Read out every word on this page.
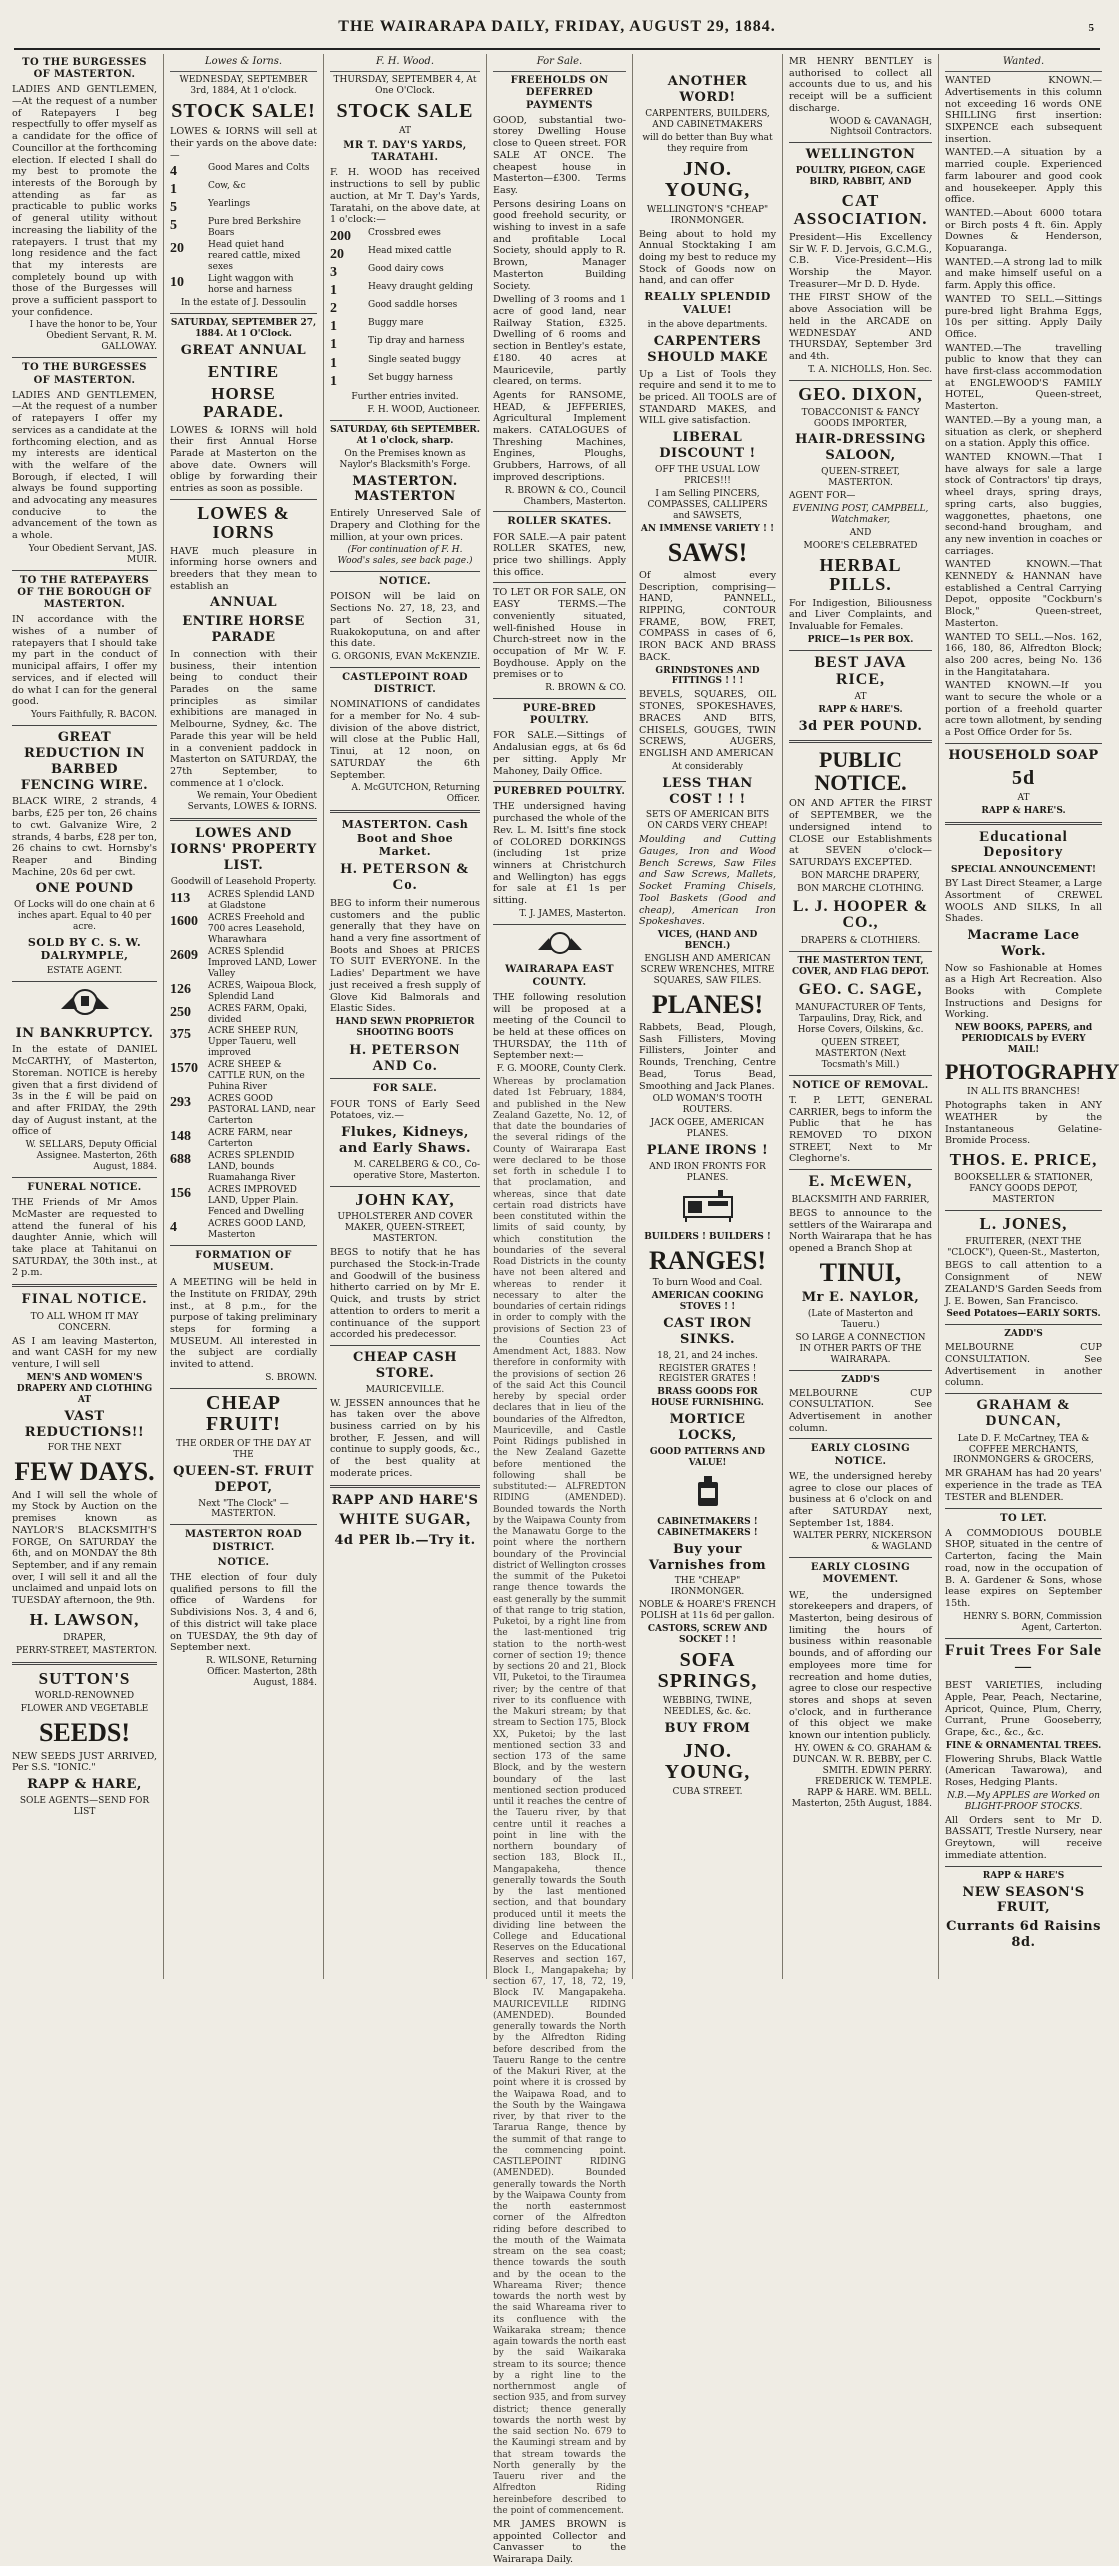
THE WAIRARAPA DAILY, FRIDAY, AUGUST 29, 1884.	5
TO THE BURGESSES OF MASTERTON.
LADIES AND GENTLEMEN,—At the request of a number of Ratepayers I beg respectfully to offer myself as a candidate for the office of Councillor at the forthcoming election. If elected I shall do my best to promote the interests of the Borough by attending as far as practicable to public works of general utility without increasing the liability of the ratepayers. I trust that my long residence and the fact that my interests are completely bound up with those of the Burgesses will prove a sufficient passport to your confidence.
I have the honor to be, Your Obedient Servant, R. M. GALLOWAY.
TO THE BURGESSES OF MASTERTON.
LADIES AND GENTLEMEN,—At the request of a number of ratepayers I offer my services as a candidate at the forthcoming election, and as my interests are identical with the welfare of the Borough, if elected, I will always be found supporting and advocating any measures conducive to the advancement of the town as a whole.
Your Obedient Servant, JAS. MUIR.
TO THE RATEPAYERS OF THE BOROUGH OF MASTERTON.
IN accordance with the wishes of a number of ratepayers that I should take my part in the conduct of municipal affairs, I offer my services, and if elected will do what I can for the general good.
Yours Faithfully, R. BACON.
GREAT REDUCTION IN BARBED FENCING WIRE.
BLACK WIRE, 2 strands, 4 barbs, £25 per ton, 26 chains to cwt. Galvanize Wire, 2 strands, 4 barbs, £28 per ton, 26 chains to cwt. Hornsby's Reaper and Binding Machine, 20s 6d per cwt.
ONE POUND
Of Locks will do one chain at 6 inches apart. Equal to 40 per acre.
SOLD BY C. S. W. DALRYMPLE,
ESTATE AGENT.
IN BANKRUPTCY.
In the estate of DANIEL McCARTHY, of Masterton, Storeman. NOTICE is hereby given that a first dividend of 3s in the £ will be paid on and after FRIDAY, the 29th day of August instant, at the office of
W. SELLARS, Deputy Official Assignee. Masterton, 26th August, 1884.
FUNERAL NOTICE.
THE Friends of Mr Amos McMaster are requested to attend the funeral of his daughter Annie, which will take place at Tahitanui on SATURDAY, the 30th inst., at 2 p.m.
FINAL NOTICE.
TO ALL WHOM IT MAY CONCERN.
AS I am leaving Masterton, and want CASH for my new venture, I will sell
MEN'S AND WOMEN'S DRAPERY AND CLOTHING AT
VAST REDUCTIONS!!
FOR THE NEXT
FEW DAYS.
And I will sell the whole of my Stock by Auction on the premises known as NAYLOR'S BLACKSMITH'S FORGE, On SATURDAY the 6th, and on MONDAY the 8th September, and if any remain over, I will sell it and all the unclaimed and unpaid lots on TUESDAY afternoon, the 9th.
H. LAWSON,
DRAPER,
PERRY-STREET, MASTERTON.
SUTTON'S
WORLD-RENOWNED
FLOWER AND VEGETABLE
SEEDS!
NEW SEEDS JUST ARRIVED, Per S.S. "IONIC."
RAPP & HARE,
SOLE AGENTS—SEND FOR LIST
Lowes & Iorns.
WEDNESDAY, SEPTEMBER 3rd, 1884, At 1 o'clock.
STOCK SALE!
LOWES & IORNS will sell at their yards on the above date:—
4	Good Mares and Colts
1	Cow, &c
5	Yearlings
5	Pure bred Berkshire Boars
20	Head quiet hand reared cattle, mixed sexes
10	Light waggon with horse and harness
In the estate of J. Dessoulin
SATURDAY, SEPTEMBER 27, 1884. At 1 O'Clock.
GREAT ANNUAL
ENTIRE
HORSE PARADE.
LOWES & IORNS will hold their first Annual Horse Parade at Masterton on the above date. Owners will oblige by forwarding their entries as soon as possible.
LOWES & IORNS
HAVE much pleasure in informing horse owners and breeders that they mean to establish an
ANNUAL
ENTIRE HORSE PARADE
In connection with their business, their intention being to conduct their Parades on the same principles as similar exhibitions are managed in Melbourne, Sydney, &c. The Parade this year will be held in a convenient paddock in Masterton on SATURDAY, the 27th September, to commence at 1 o'clock.
We remain, Your Obedient Servants, LOWES & IORNS.
LOWES AND IORNS' PROPERTY LIST.
Goodwill of Leasehold Property.
113	ACRES Splendid LAND at Gladstone
1600	ACRES Freehold and 700 acres Leasehold, Wharawhara
2609	ACRES Splendid Improved LAND, Lower Valley
126	ACRES, Waipoua Block, Splendid Land
250	ACRES FARM, Opaki, divided
375	ACRE SHEEP RUN, Upper Taueru, well improved
1570	ACRE SHEEP & CATTLE RUN, on the Puhina River
293	ACRES GOOD PASTORAL LAND, near Carterton
148	ACRE FARM, near Carterton
688	ACRES SPLENDID LAND, bounds Ruamahanga River
156	ACRES IMPROVED LAND, Upper Plain. Fenced and Dwelling
4	ACRES GOOD LAND, Masterton
FORMATION OF MUSEUM.
A MEETING will be held in the Institute on FRIDAY, 29th inst., at 8 p.m., for the purpose of taking preliminary steps for forming a MUSEUM. All interested in the subject are cordially invited to attend.
S. BROWN.
CHEAP FRUIT!
THE ORDER OF THE DAY AT THE
QUEEN-ST. FRUIT DEPOT,
Next "The Clock" — MASTERTON.
MASTERTON ROAD DISTRICT.
NOTICE.
THE election of four duly qualified persons to fill the office of Wardens for Subdivisions Nos. 3, 4 and 6, of this district will take place on TUESDAY, the 9th day of September next.
R. WILSONE, Returning Officer. Masterton, 28th August, 1884.
F. H. Wood.
THURSDAY, SEPTEMBER 4, At One O'Clock.
STOCK SALE
AT
MR T. DAY'S YARDS, TARATAHI.
F. H. WOOD has received instructions to sell by public auction, at Mr T. Day's Yards, Taratahi, on the above date, at 1 o'clock:—
200	Crossbred ewes
20	Head mixed cattle
3	Good dairy cows
1	Heavy draught gelding
2	Good saddle horses
1	Buggy mare
1	Tip dray and harness
1	Single seated buggy
1	Set buggy harness
Further entries invited.
F. H. WOOD, Auctioneer.
SATURDAY, 6th SEPTEMBER. At 1 o'clock, sharp.
On the Premises known as Naylor's Blacksmith's Forge.
MASTERTON. MASTERTON
Entirely Unreserved Sale of Drapery and Clothing for the million, at your own prices.
(For continuation of F. H. Wood's sales, see back page.)
NOTICE.
POISON will be laid on Sections No. 27, 18, 23, and part of Section 31, Ruakokoputuna, on and after this date.
G. ORGONIS, EVAN McKENZIE.
CASTLEPOINT ROAD DISTRICT.
NOMINATIONS of candidates for a member for No. 4 sub-division of the above district, will close at the Public Hall, Tinui, at 12 noon, on SATURDAY the 6th September.
A. McGUTCHON, Returning Officer.
MASTERTON. Cash Boot and Shoe Market.
H. PETERSON & Co.
BEG to inform their numerous customers and the public generally that they have on hand a very fine assortment of Boots and Shoes at PRICES TO SUIT EVERYONE. In the Ladies' Department we have just received a fresh supply of Glove Kid Balmorals and Elastic Sides.
HAND SEWN PROPRIETOR SHOOTING BOOTS
H. PETERSON AND Co.
FOR SALE.
FOUR TONS of Early Seed Potatoes, viz.—
Flukes, Kidneys, and Early Shaws.
M. CARELBERG & CO., Co-operative Store, Masterton.
JOHN KAY,
UPHOLSTERER AND COVER MAKER, QUEEN-STREET, MASTERTON.
BEGS to notify that he has purchased the Stock-in-Trade and Goodwill of the business hitherto carried on by Mr E. Quick, and trusts by strict attention to orders to merit a continuance of the support accorded his predecessor.
CHEAP CASH STORE.
MAURICEVILLE.
W. JESSEN announces that he has taken over the above business carried on by his brother, F. Jessen, and will continue to supply goods, &c., of the best quality at moderate prices.
RAPP AND HARE'S
WHITE SUGAR,
4d PER lb.—Try it.
For Sale.
FREEHOLDS ON DEFERRED PAYMENTS
GOOD, substantial two-storey Dwelling House close to Queen street. FOR SALE AT ONCE. The cheapest house in Masterton—£300. Terms Easy.
Persons desiring Loans on good freehold security, or wishing to invest in a safe and profitable Local Society, should apply to R. Brown, Manager Masterton Building Society.
Dwelling of 3 rooms and 1 acre of good land, near Railway Station, £325. Dwelling of 6 rooms and section in Bentley's estate, £180. 40 acres at Mauricevile, partly cleared, on terms.
Agents for RANSOME, HEAD, & JEFFERIES, Agricultural Implement makers. CATALOGUES of Threshing Machines, Engines, Ploughs, Grubbers, Harrows, of all improved descriptions.
R. BROWN & CO., Council Chambers, Masterton.
ROLLER SKATES.
FOR SALE.—A pair patent ROLLER SKATES, new, price two shillings. Apply this office.
TO LET OR FOR SALE, ON EASY TERMS.—The conveniently situated, well-finished House in Church-street now in the occupation of Mr W. F. Boydhouse. Apply on the premises or to
R. BROWN & CO.
PURE-BRED POULTRY.
FOR SALE.—Sittings of Andalusian eggs, at 6s 6d per sitting. Apply Mr Mahoney, Daily Office.
PUREBRED POULTRY.
THE undersigned having purchased the whole of the Rev. L. M. Isitt's fine stock of COLORED DORKINGS (including 1st prize winners at Christchurch and Wellington) has eggs for sale at £1 1s per sitting.
T. J. JAMES, Masterton.
WAIRARAPA EAST COUNTY.
THE following resolution will be proposed at a meeting of the Council to be held at these offices on THURSDAY, the 11th of September next:—
F. G. MOORE, County Clerk.
Whereas by proclamation dated 1st February, 1884, and published in the New Zealand Gazette, No. 12, of that date the boundaries of the several ridings of the County of Wairarapa East were declared to be those set forth in schedule I to that proclamation, and whereas, since that date certain road districts have been constituted within the limits of said county, by which constitution the boundaries of the several Road Districts in the county have not been altered and whereas to render it necessary to alter the boundaries of certain ridings in order to comply with the provisions of Section 23 of the Counties Act Amendment Act, 1883. Now therefore in conformity with the provisions of section 26 of the said Act this Council hereby by special order declares that in lieu of the boundaries of the Alfredton, Mauriceville, and Castle Point Ridings published in the New Zealand Gazette before mentioned the following shall be substituted:— ALFREDTON RIDING (AMENDED). Bounded towards the North by the Waipawa County from the Manawatu Gorge to the point where the northern boundary of the Provincial district of Wellington crosses the summit of the Puketoi range thence towards the east generally by the summit of that range to trig station, Puketoi, by a right line from the last-mentioned trig station to the north-west corner of section 19; thence by sections 20 and 21, Block VII, Puketoi, to the Tiraumea river; by the centre of that river to its confluence with the Makuri stream; by that stream to Section 175, Block XX, Puketoi; by the last mentioned section 33 and section 173 of the same Block, and by the western boundary of the last mentioned section produced until it reaches the centre of the Taueru river, by that centre until it reaches a point in line with the northern boundary of section 183, Block II., Mangapakeha, thence generally towards the South by the last mentioned section, and that boundary produced until it meets the dividing line between the College and Educational Reserves on the Educational Reserves and section 167, Block I., Mangapakeha; by section 67, 17, 18, 72, 19, Block IV. Mangapakeha. MAURICEVILLE RIDING (AMENDED). Bounded generally towards the North by the Alfredton Riding before described from the Taueru Range to the centre of the Makuri River, at the point where it is crossed by the Waipawa Road, and to the South by the Waingawa river, by that river to the Tararua Range, thence by the summit of that range to the commencing point. CASTLEPOINT RIDING (AMENDED). Bounded generally towards the North by the Waipawa County from the north easternmost corner of the Alfredton riding before described to the mouth of the Waimata stream on the sea coast; thence towards the south and by the ocean to the Whareama River; thence towards the north west by the said Whareama river to its confluence with the Waikaraka stream; thence again towards the north east by the said Waikaraka stream to its source; thence by a right line to the northernmost angle of section 935, and from survey district; thence generally towards the north west by the said section No. 679 to the Kaumingi stream and by that stream towards the North generally by the Taueru river and the Alfredton Riding hereinbefore described to the point of commencement.
MR JAMES BROWN is appointed Collector and Canvasser to the Wairarapa Daily.
ANOTHER WORD!
CARPENTERS, BUILDERS, AND CABINETMAKERS
will do better than Buy what they require from
JNO. YOUNG,
WELLINGTON'S "CHEAP" IRONMONGER.
Being about to hold my Annual Stocktaking I am doing my best to reduce my Stock of Goods now on hand, and can offer
REALLY SPLENDID VALUE!
in the above departments.
CARPENTERS SHOULD MAKE
Up a List of Tools they require and send it to me to be priced. All TOOLS are of STANDARD MAKES, and WILL give satisfaction.
LIBERAL DISCOUNT !
OFF THE USUAL LOW PRICES!!!
I am Selling PINCERS, COMPASSES, CALLIPERS and SAWSETS,
AN IMMENSE VARIETY ! !
SAWS!
Of almost every Description, comprising— HAND, PANNELL, RIPPING, CONTOUR FRAME, BOW, FRET, COMPASS in cases of 6, IRON BACK AND BRASS BACK.
GRINDSTONES AND FITTINGS ! ! !
BEVELS, SQUARES, OIL STONES, SPOKESHAVES, BRACES AND BITS, CHISELS, GOUGES, TWIN SCREWS, AUGERS, ENGLISH AND AMERICAN
At considerably
LESS THAN COST ! ! !
SETS OF AMERICAN BITS ON CARDS VERY CHEAP!
Moulding and Cutting Gauges, Iron and Wood Bench Screws, Saw Files and Saw Screws, Mallets, Socket Framing Chisels, Tool Baskets (Good and cheap), American Iron Spokeshaves.
VICES, (HAND AND BENCH.)
ENGLISH AND AMERICAN SCREW WRENCHES, MITRE SQUARES, SAW FILES.
PLANES!
Rabbets, Bead, Plough, Sash Fillisters, Moving Fillisters, Jointer and Rounds, Trenching, Centre Bead, Torus Bead, Smoothing and Jack Planes.
OLD WOMAN'S TOOTH ROUTERS.
JACK OGEE, AMERICAN PLANES.
PLANE IRONS !
AND IRON FRONTS FOR PLANES.
BUILDERS ! BUILDERS !
RANGES!
To burn Wood and Coal.
AMERICAN COOKING STOVES ! !
CAST IRON SINKS.
18, 21, and 24 inches.
REGISTER GRATES ! REGISTER GRATES !
BRASS GOODS FOR HOUSE FURNISHING.
MORTICE LOCKS,
GOOD PATTERNS AND VALUE!
CABINETMAKERS ! CABINETMAKERS !
Buy your Varnishes from
THE "CHEAP" IRONMONGER.
NOBLE & HOARE'S FRENCH POLISH at 11s 6d per gallon.
CASTORS, SCREW AND SOCKET ! !
SOFA SPRINGS,
WEBBING, TWINE, NEEDLES, &c. &c.
BUY FROM
JNO. YOUNG,
CUBA STREET.
MR HENRY BENTLEY is authorised to collect all accounts due to us, and his receipt will be a sufficient discharge.
WOOD & CAVANAGH, Nightsoil Contractors.
WELLINGTON
POULTRY, PIGEON, CAGE BIRD, RABBIT, AND
CAT ASSOCIATION.
President—His Excellency Sir W. F. D. Jervois, G.C.M.G., C.B. Vice-President—His Worship the Mayor. Treasurer—Mr D. D. Hyde.
THE FIRST SHOW of the above Association will be held in the ARCADE on WEDNESDAY AND THURSDAY, September 3rd and 4th.
T. A. NICHOLLS, Hon. Sec.
GEO. DIXON,
TOBACCONIST & FANCY GOODS IMPORTER,
HAIR-DRESSING SALOON,
QUEEN-STREET, MASTERTON.
AGENT FOR—
EVENING POST, CAMPBELL, Watchmaker,
AND
MOORE'S CELEBRATED
HERBAL PILLS.
For Indigestion, Biliousness and Liver Complaints, and Invaluable for Females.
PRICE—1s PER BOX.
BEST JAVA RICE,
AT
RAPP & HARE'S.
3d PER POUND.
PUBLIC NOTICE.
ON AND AFTER the FIRST of SEPTEMBER, we the undersigned intend to CLOSE our Establishments at SEVEN o'clock—SATURDAYS EXCEPTED.
BON MARCHE DRAPERY,
BON MARCHE CLOTHING.
L. J. HOOPER & CO.,
DRAPERS & CLOTHIERS.
THE MASTERTON TENT, COVER, AND FLAG DEPOT.
GEO. C. SAGE,
MANUFACTURER OF Tents, Tarpaulins, Dray, Rick, and Horse Covers, Oilskins, &c.
QUEEN STREET, MASTERTON (Next Tocsmath's Mill.)
NOTICE OF REMOVAL.
T. P. LETT, GENERAL CARRIER, begs to inform the Public that he has REMOVED TO DIXON STREET, Next to Mr Cleghorne's.
E. McEWEN,
BLACKSMITH AND FARRIER,
BEGS to announce to the settlers of the Wairarapa and North Wairarapa that he has opened a Branch Shop at
TINUI,
Mr E. NAYLOR,
(Late of Masterton and Taueru.)
SO LARGE A CONNECTION IN OTHER PARTS OF THE WAIRARAPA.
ZADD'S
MELBOURNE CUP CONSULTATION. See Advertisement in another column.
EARLY CLOSING NOTICE.
WE, the undersigned hereby agree to close our places of business at 6 o'clock on and after SATURDAY next, September 1st, 1884.
WALTER PERRY, NICKERSON & WAGLAND
EARLY CLOSING MOVEMENT.
WE, the undersigned storekeepers and drapers, of Masterton, being desirous of limiting the hours of business within reasonable bounds, and of affording our employees more time for recreation and home duties, agree to close our respective stores and shops at seven o'clock, and in furtherance of this object we make known our intention publicly.
HY. OWEN & CO. GRAHAM & DUNCAN. W. R. BEBBY, per C. SMITH. EDWIN PERRY. FREDERICK W. TEMPLE. RAPP & HARE. WM. BELL. Masterton, 25th August, 1884.
Wanted.
WANTED KNOWN.—Advertisements in this column not exceeding 16 words ONE SHILLING first insertion: SIXPENCE each subsequent insertion.
WANTED.—A situation by a married couple. Experienced farm labourer and good cook and housekeeper. Apply this office.
WANTED.—About 6000 totara or Birch posts 4 ft. 6in. Apply Downes & Henderson, Kopuaranga.
WANTED.—A strong lad to milk and make himself useful on a farm. Apply this office.
WANTED TO SELL.—Sittings pure-bred light Brahma Eggs, 10s per sitting. Apply Daily Office.
WANTED.—The travelling public to know that they can have first-class accommodation at ENGLEWOOD'S FAMILY HOTEL, Queen-street, Masterton.
WANTED.—By a young man, a situation as clerk, or shepherd on a station. Apply this office.
WANTED KNOWN.—That I have always for sale a large stock of Contractors' tip drays, wheel drays, spring drays, spring carts, also buggies, waggonettes, phaetons, one second-hand brougham, and any new invention in coaches or carriages.
WANTED KNOWN.—That KENNEDY & HANNAN have established a Central Carrying Depot, opposite "Cockburn's Block," Queen-street, Masterton.
WANTED TO SELL.—Nos. 162, 166, 180, 86, Alfredton Block; also 200 acres, being No. 136 in the Hangitatahara.
WANTED KNOWN.—If you want to secure the whole or a portion of a freehold quarter acre town allotment, by sending a Post Office Order for 5s.
HOUSEHOLD SOAP
5d
AT
RAPP & HARE'S.
Educational Depository
SPECIAL ANNOUNCEMENT!
BY Last Direct Steamer, a Large Assortment of CREWEL WOOLS AND SILKS, In all Shades.
Macrame Lace Work.
Now so Fashionable at Homes as a High Art Recreation. Also Books with Complete Instructions and Designs for Working.
NEW BOOKS, PAPERS, and PERIODICALS by EVERY MAIL!
PHOTOGRAPHY
IN ALL ITS BRANCHES!
Photographs taken in ANY WEATHER by the Instantaneous Gelatine-Bromide Process.
THOS. E. PRICE,
BOOKSELLER & STATIONER, FANCY GOODS DEPOT, MASTERTON
L. JONES,
FRUITERER, (NEXT THE "CLOCK"), Queen-St., Masterton,
BEGS to call attention to a Consignment of NEW ZEALAND'S Garden Seeds from J. E. Bowen, San Francisco.
Seed Potatoes—EARLY SORTS.
ZADD'S
MELBOURNE CUP CONSULTATION. See Advertisement in another column.
GRAHAM & DUNCAN,
Late D. F. McCartney, TEA & COFFEE MERCHANTS, IRONMONGERS & GROCERS,
MR GRAHAM has had 20 years' experience in the trade as TEA TESTER and BLENDER.
TO LET.
A COMMODIOUS DOUBLE SHOP, situated in the centre of Carterton, facing the Main road, now in the occupation of B. A. Gardener & Sons, whose lease expires on September 15th.
HENRY S. BORN, Commission Agent, Carterton.
Fruit Trees For Sale—
BEST VARIETIES, including Apple, Pear, Peach, Nectarine, Apricot, Quince, Plum, Cherry, Currant, Prune Gooseberry, Grape, &c., &c., &c.
FINE & ORNAMENTAL TREES.
Flowering Shrubs, Black Wattle (American Tawarowa), and Roses, Hedging Plants.
N.B.—My APPLES are Worked on BLIGHT-PROOF STOCKS.
All Orders sent to Mr D. BASSATT, Trestle Nursery, near Greytown, will receive immediate attention.
RAPP & HARE'S
NEW SEASON'S FRUIT,
Currants 6d Raisins 8d.
